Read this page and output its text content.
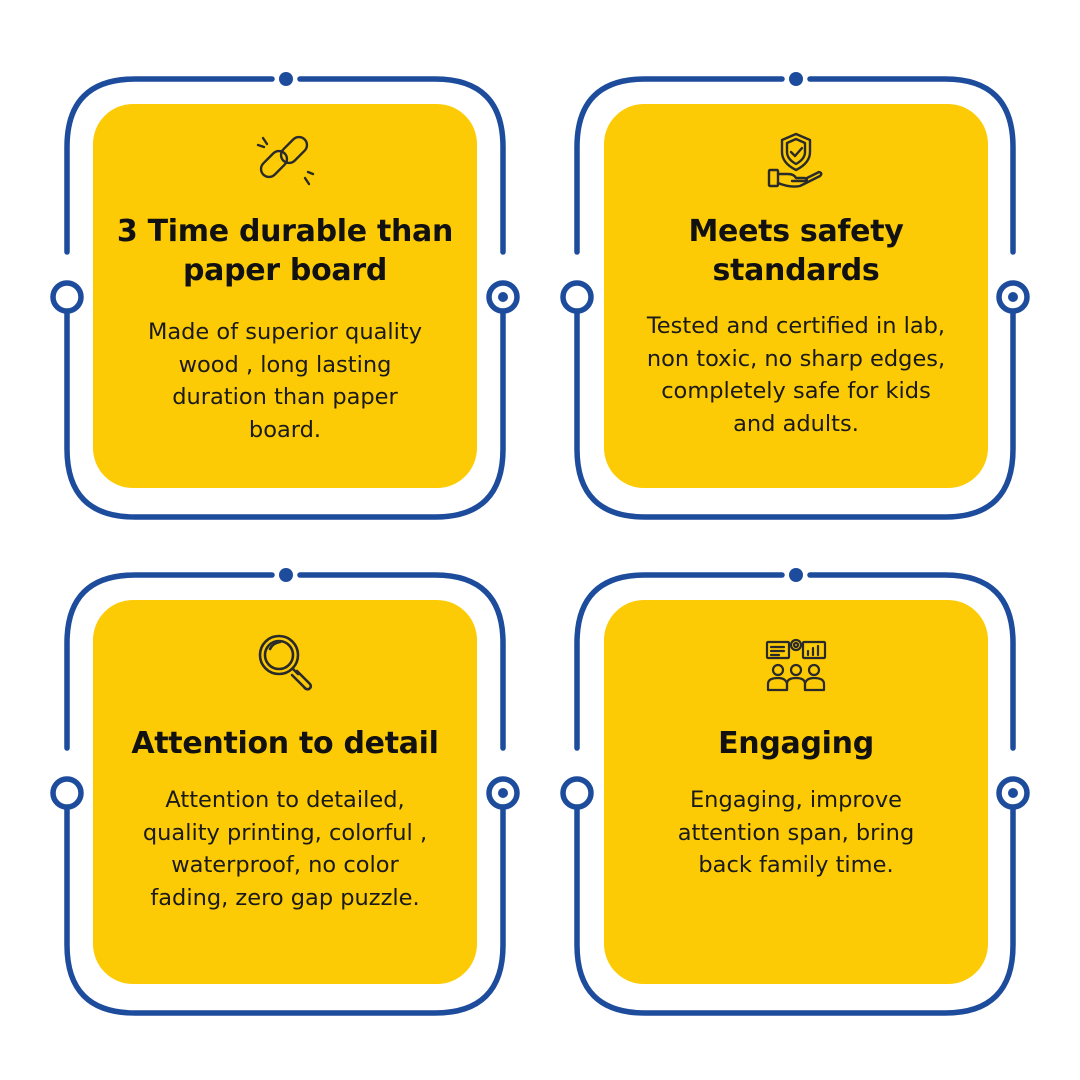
3 Time durable than
paper board
Made of superior quality
wood , long lasting
duration than paper
board.
Meets safety
standards
Tested and certified in lab,
non toxic, no sharp edges,
completely safe for kids
and adults.
Attention to detail
Attention to detailed,
quality printing, colorful ,
waterproof, no color
fading, zero gap puzzle.
Engaging
Engaging, improve
attention span, bring
back family time.
